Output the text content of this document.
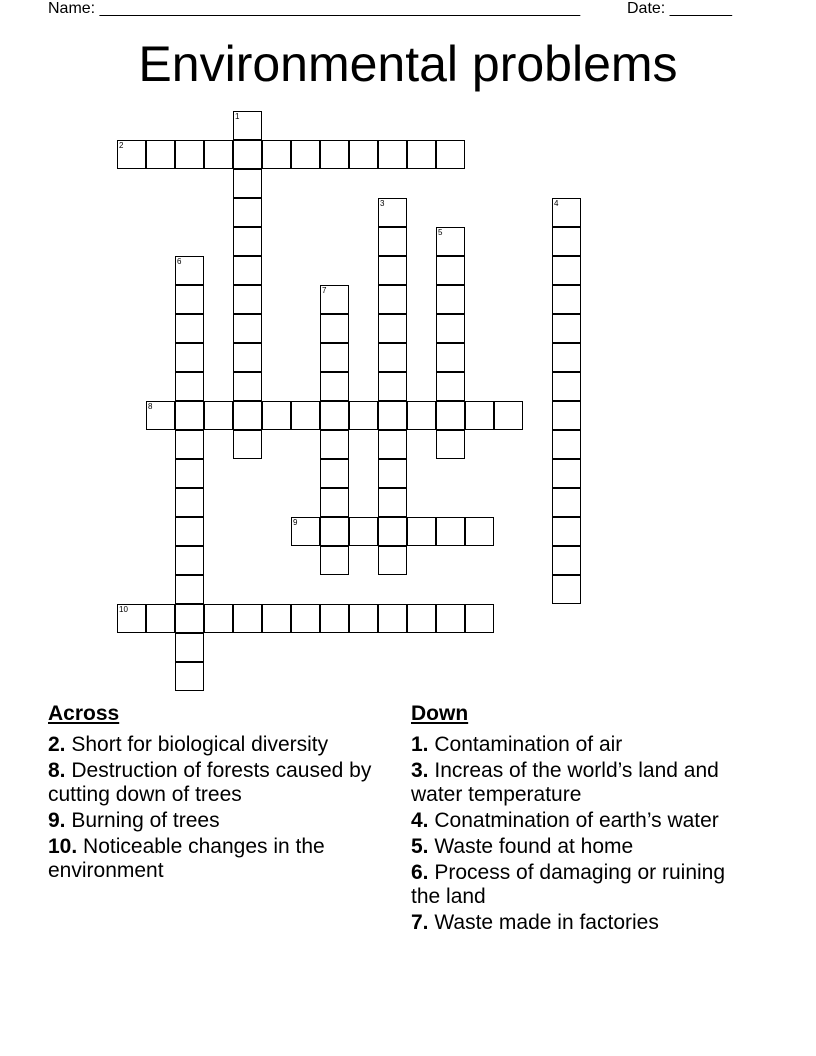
Name: ______________________________________________________	Date: _______
Environmental problems
1
2
3	4
5
6
7
8
9
10
Across
2. Short for biological diversity
8. Destruction of forests caused by cutting down of trees
9. Burning of trees
10. Noticeable changes in the environment
Down
1. Contamination of air
3. Increas of the world’s land and water temperature
4. Conatmination of earth’s water
5. Waste found at home
6. Process of damaging or ruining the land
7. Waste made in factories
